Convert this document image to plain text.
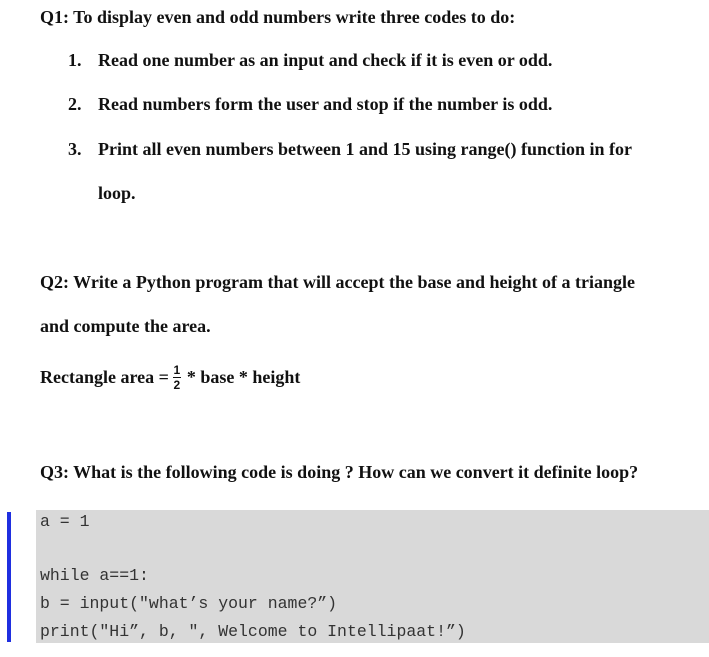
Q1: To display even and odd numbers write three codes to do:
1. Read one number as an input and check if it is even or odd.
2. Read numbers form the user and stop if the number is odd.
3. Print all even numbers between 1 and 15 using range() function in for
loop.
Q2: Write a Python program that will accept the base and height of a triangle
and compute the area.
Rectangle area = $\frac{1}{2}$ * base * height
Q3: What is the following code is doing ? How can we convert it definite loop?
a = 1
while a==1:
b = input("what’s your name?”)
print("Hi”, b, ", Welcome to Intellipaat!”)
